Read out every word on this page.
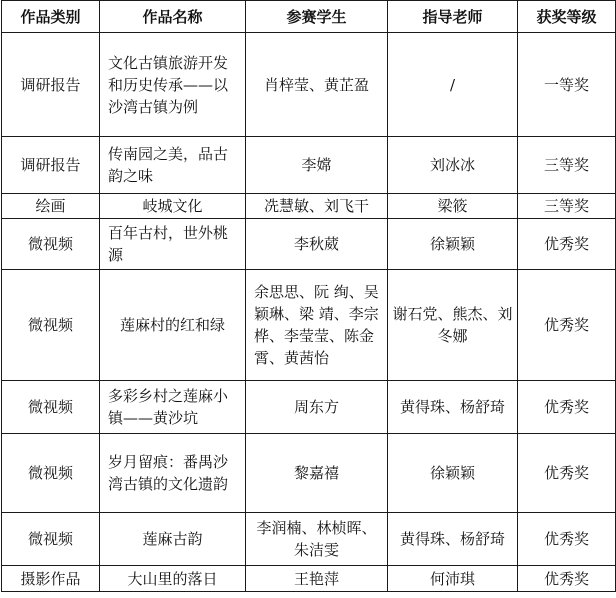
作品类别	作品名称	参赛学生	指导老师	获奖等级
调研报告	文化古镇旅游开发和历史传承——以沙湾古镇为例	肖梓莹、黄芷盈	/	一等奖
调研报告	传南园之美，品古韵之味	李嫦	刘冰冰	三等奖
绘画	岐城文化	冼慧敏、刘飞干	梁筱	三等奖
微视频	百年古村，世外桃源	李秋葳	徐颖颖	优秀奖
微视频	莲麻村的红和绿	余思思、阮 绚、吴颖琳、梁 靖、李宗桦、李莹莹、陈金霄、黄茜怡	谢石党、熊杰、刘冬娜	优秀奖
微视频	多彩乡村之莲麻小镇——黄沙坑	周东方	黄得珠、杨舒琦	优秀奖
微视频	岁月留痕：番禺沙湾古镇的文化遗韵	黎嘉禧	徐颖颖	优秀奖
微视频	莲麻古韵	李润楠、林桢晖、朱洁雯	黄得珠、杨舒琦	优秀奖
摄影作品	大山里的落日	王艳萍	何沛琪	优秀奖
